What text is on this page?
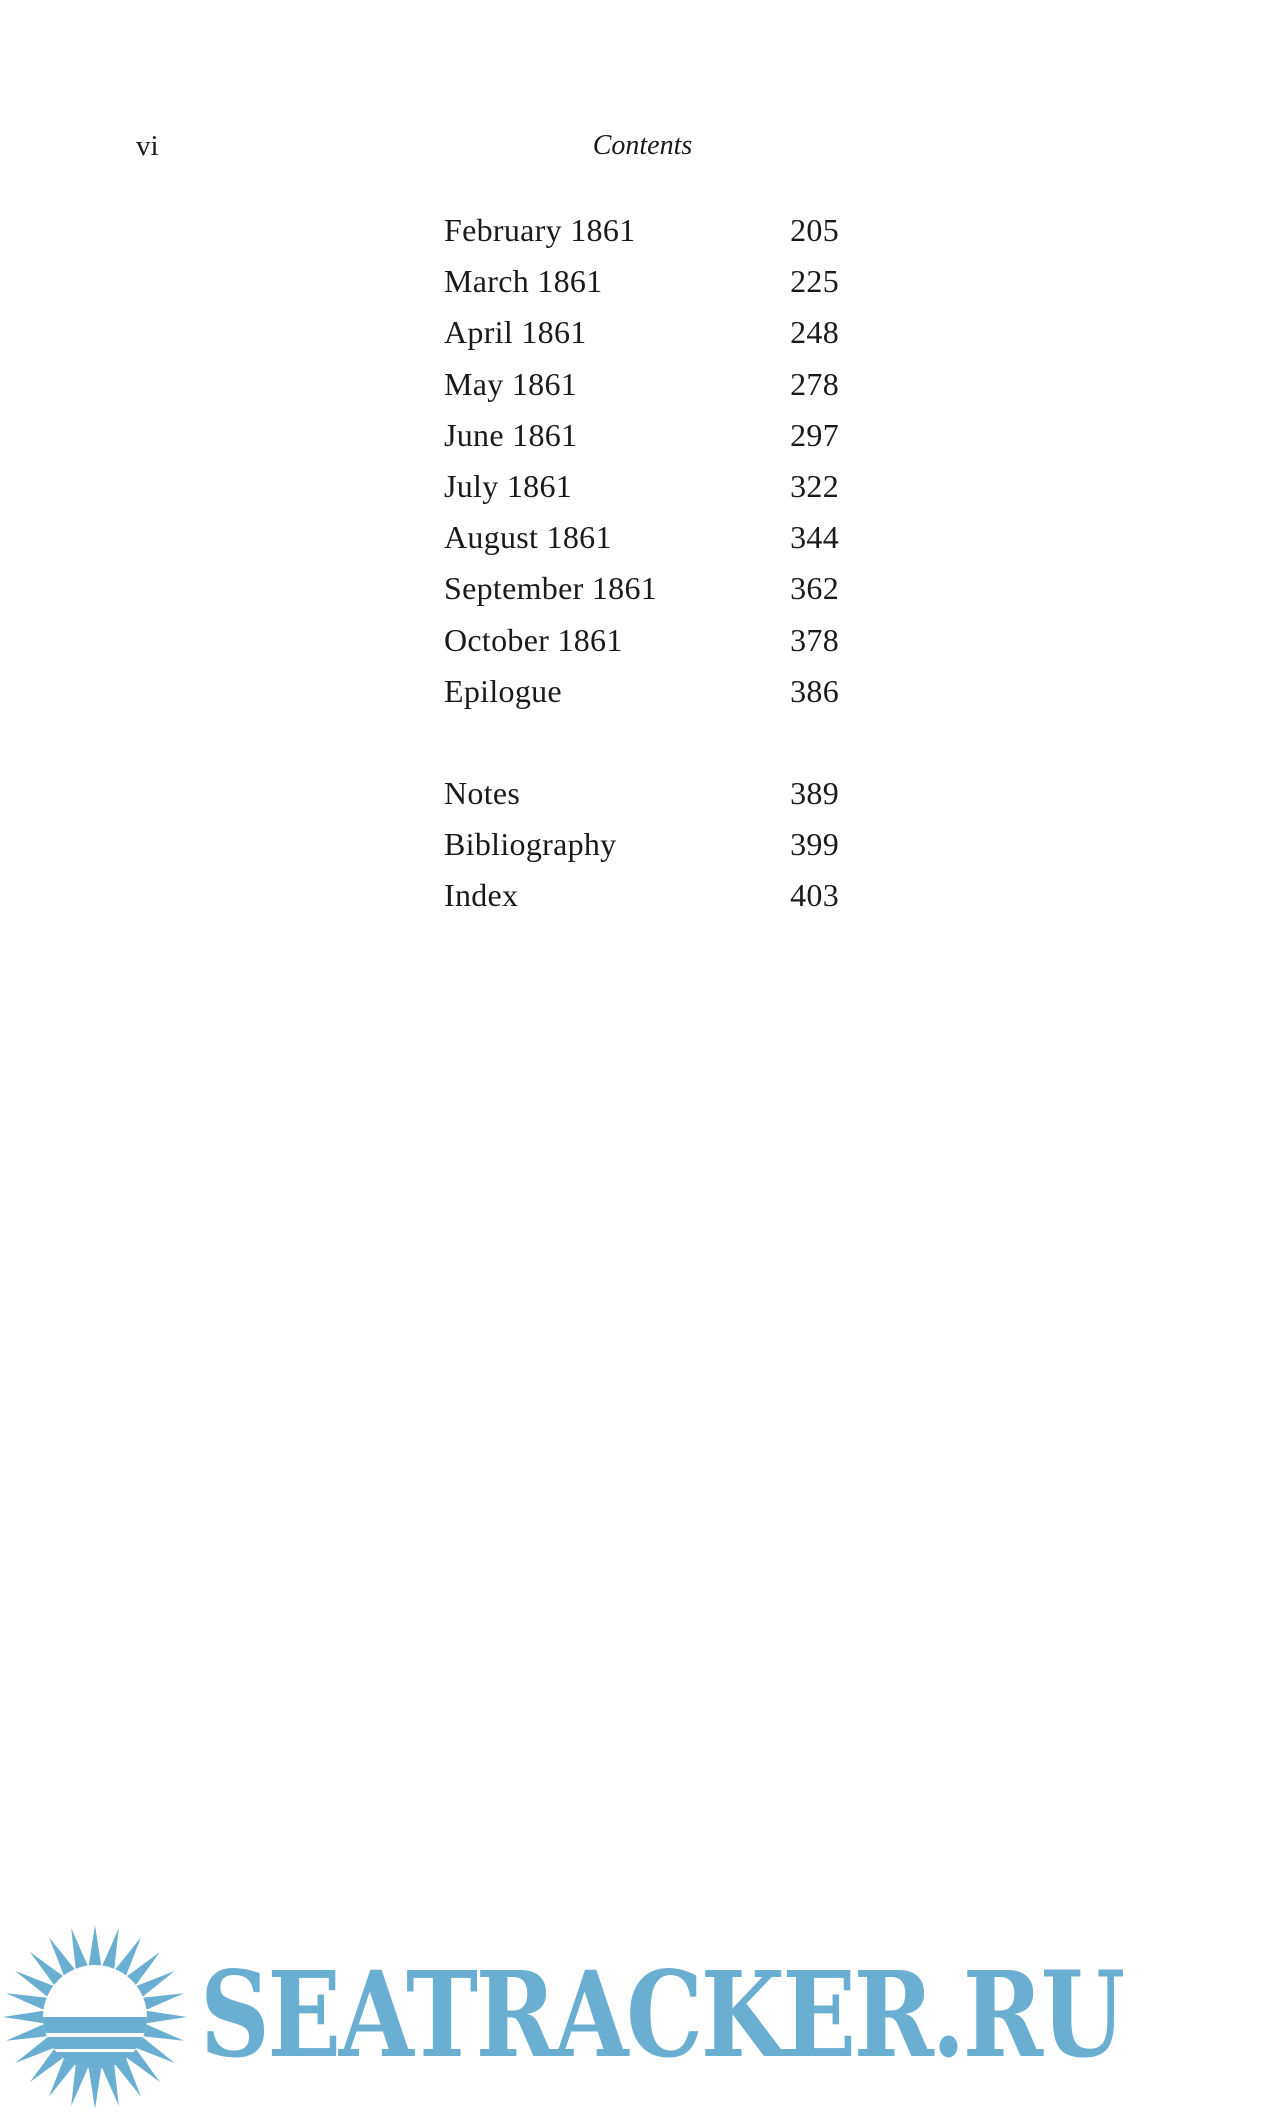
vi	Contents
February 1861	205
March 1861	225
April 1861	248
May 1861	278
June 1861	297
July 1861	322
August 1861	344
September 1861	362
October 1861	378
Epilogue	386
Notes	389
Bibliography	399
Index	403
SEATRACKER.RU
